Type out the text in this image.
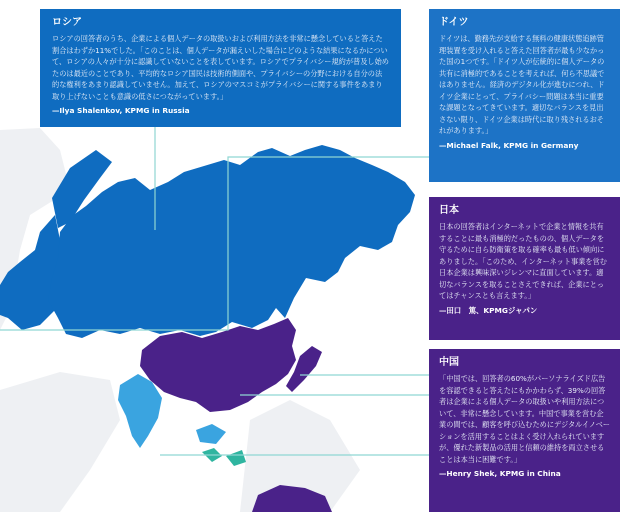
ロシア

ロシアの回答者のうち、企業による個人データの取扱いおよび利用方法を非常に懸念していると答えた割合はわずか11%でした。「このことは、個人データが漏えいした場合にどのような結果になるかについて、ロシアの人々が十分に認識していないことを表しています。ロシアでプライバシー規約が普及し始めたのは最近のことであり、平均的なロシア国民は技術的側面や、プライバシーの分野における自分の法的な権利をあまり認識していません。加えて、ロシアのマスコミがプライバシーに関する事件をあまり取り上げないことも意識の低さにつながっています。」

—Ilya Shalenkov, KPMG in Russia
ドイツ

ドイツは、勤務先が支給する無料の健康状態追跡管理装置を受け入れると答えた回答者が最も少なかった国の1つです。「ドイツ人が伝統的に個人データの共有に消極的であることを考えれば、何ら不思議ではありません。経済のデジタル化が進むにつれ、ドイツ企業にとって、プライバシー問題は本当に重要な課題となってきています。適切なバランスを見出さない限り、ドイツ企業は時代に取り残されるおそれがあります。」

—Michael Falk, KPMG in Germany
日本

日本の回答者はインターネットで企業と情報を共有することに最も消極的だったものの、個人データを守るために自ら防衛策を取る確率も最も低い傾向にありました。「このため、インターネット事業を営む日本企業は興味深いジレンマに直面しています。適切なバランスを取ることさえできれば、企業にとってはチャンスとも言えます。」

—田口　篤、KPMGジャパン
中国

「中国では、回答者の60%がパーソナライズド広告を容認できると答えたにもかかわらず、39%の回答者は企業による個人データの取扱いや利用方法について、非常に懸念しています。中国で事業を営む企業の間では、顧客を呼び込むためにデジタルイノベーションを活用することはよく受け入れられていますが、優れた新製品の活用と信頼の維持を両立させることは本当に困難です。」

—Henry Shek, KPMG in China
